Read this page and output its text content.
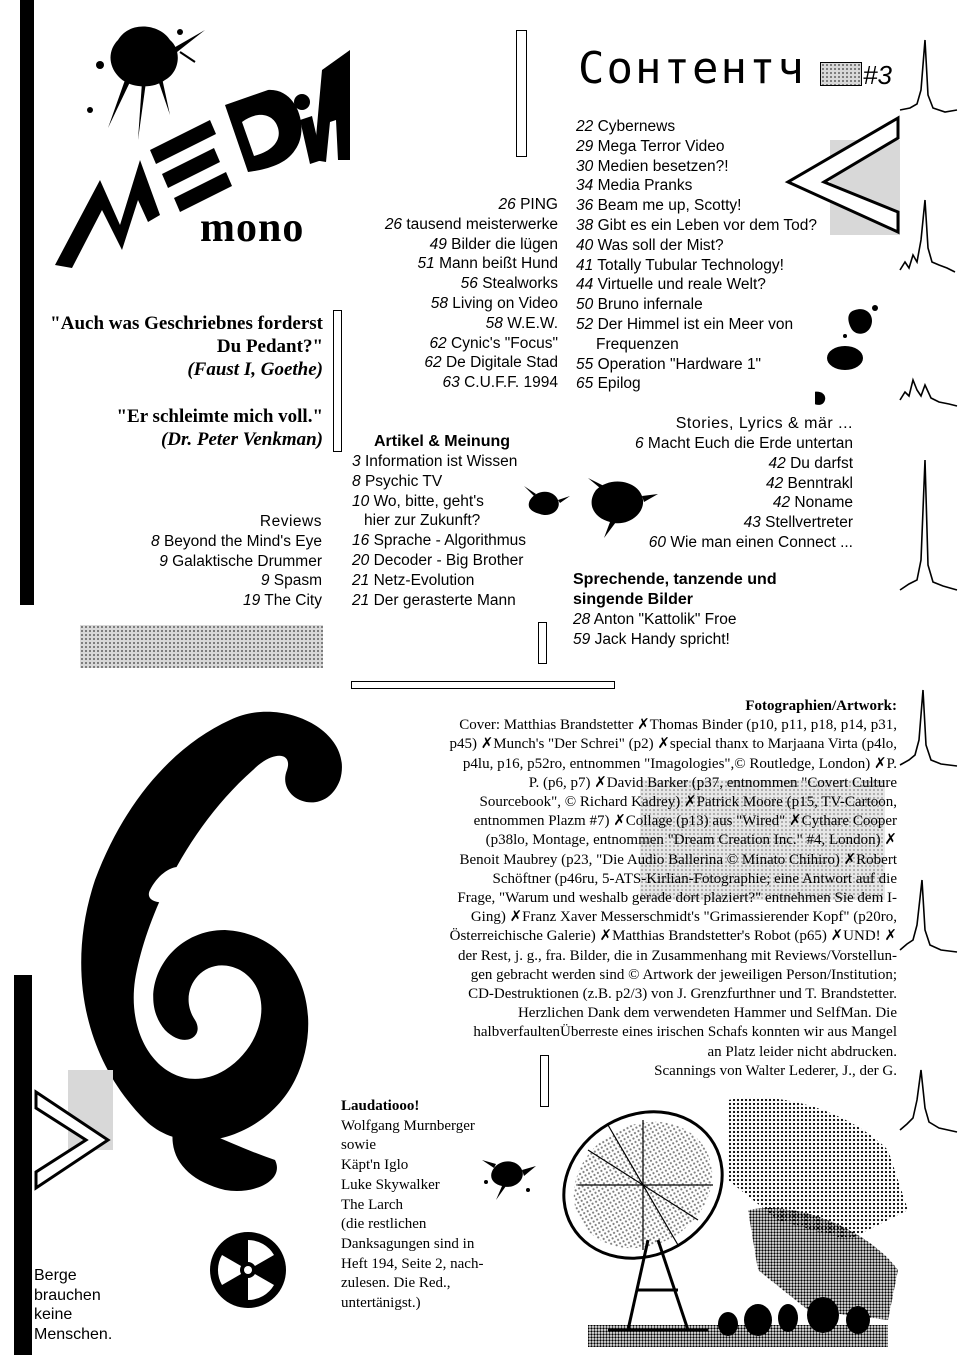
mono
Сонтентч #3
"Auch was Geschriebnes forderst Du Pedant?"
(Faust I, Goethe)
"Er schleimte mich voll."
(Dr. Peter Venkman)
26 PING
26 tausend meisterwerke
49 Bilder die lügen
51 Mann beißt Hund
56 Stealworks
58 Living on Video
58 W.E.W.
62 Cynic's "Focus"
62 De Digitale Stad
63 C.U.F.F. 1994
22 Cybernews
29 Mega Terror Video
30 Medien besetzen?!
34 Media Pranks
36 Beam me up, Scotty!
38 Gibt es ein Leben vor dem Tod?
40 Was soll der Mist?
41 Totally Tubular Technology!
44 Virtuelle und reale Welt?
50 Bruno infernale
52 Der Himmel ist ein Meer von
Frequenzen
55 Operation "Hardware 1"
65 Epilog
Stories, Lyrics & mär ...
6 Macht Euch die Erde untertan
42 Du darfst
42 Benntrakl
42 Noname
43 Stellvertreter
60 Wie man einen Connect ...
Artikel & Meinung
3 Information ist Wissen
8 Psychic TV
10 Wo, bitte, geht's
hier zur Zukunft?
16 Sprache - Algorithmus
20 Decoder - Big Brother
21 Netz-Evolution
21 Der gerasterte Mann
Sprechende, tanzende und
singende Bilder
28 Anton "Kattolik" Froe
59 Jack Handy spricht!
Reviews
8 Beyond the Mind's Eye
9 Galaktische Drummer
9 Spasm
19 The City
Berge
brauchen
keine
Menschen.
Fotographien/Artwork:
Cover: Matthias Brandstetter ✗Thomas Binder (p10, p11, p18, p14, p31,
p45) ✗Munch's "Der Schrei" (p2) ✗special thanx to Marjaana Virta (p4lo,
p4lu, p16, p52ro, entnommen "Imagologies",© Routledge, London) ✗P.
P. (p6, p7) ✗David Barker (p37, entnommen "Covert Culture
Sourcebook", © Richard Kadrey) ✗Patrick Moore (p15, TV-Cartoon,
entnommen Plazm #7) ✗Collage (p13) aus "Wired" ✗Cythare Cooper
(p38lo, Montage, entnommen "Dream Creation Inc." #4, London) ✗
Benoit Maubrey (p23, "Die Audio Ballerina © Minato Chihiro) ✗Robert
Schöftner (p46ru, 5-ATS-Kirlian-Fotographie; eine Antwort auf die
Frage, "Warum und weshalb gerade dort plaziert?" entnehmen Sie dem I-
Ging) ✗Franz Xaver Messerschmidt's "Grimassierender Kopf" (p20ro,
Österreichische Galerie) ✗Matthias Brandstetter's Robot (p65) ✗UND! ✗
der Rest, j. g., fra. Bilder, die in Zusammenhang mit Reviews/Vorstellun-
gen gebracht werden sind © Artwork der jeweiligen Person/Institution;
CD-Destruktionen (z.B. p2/3) von J. Grenzfurthner und T. Brandstetter.
Herzlichen Dank dem verwendeten Hammer und SelfMan. Die
halbverfaultenÜberreste eines irischen Schafs konnten wir aus Mangel
an Platz leider nicht abdrucken.
Scannings von Walter Lederer, J., der G.
Laudatiooo!
Wolfgang Murnberger
sowie
Käpt'n Iglo
Luke Skywalker
The Larch
(die restlichen
Danksagungen sind in
Heft 194, Seite 2, nach-
zulesen. Die Red.,
untertänigst.)
